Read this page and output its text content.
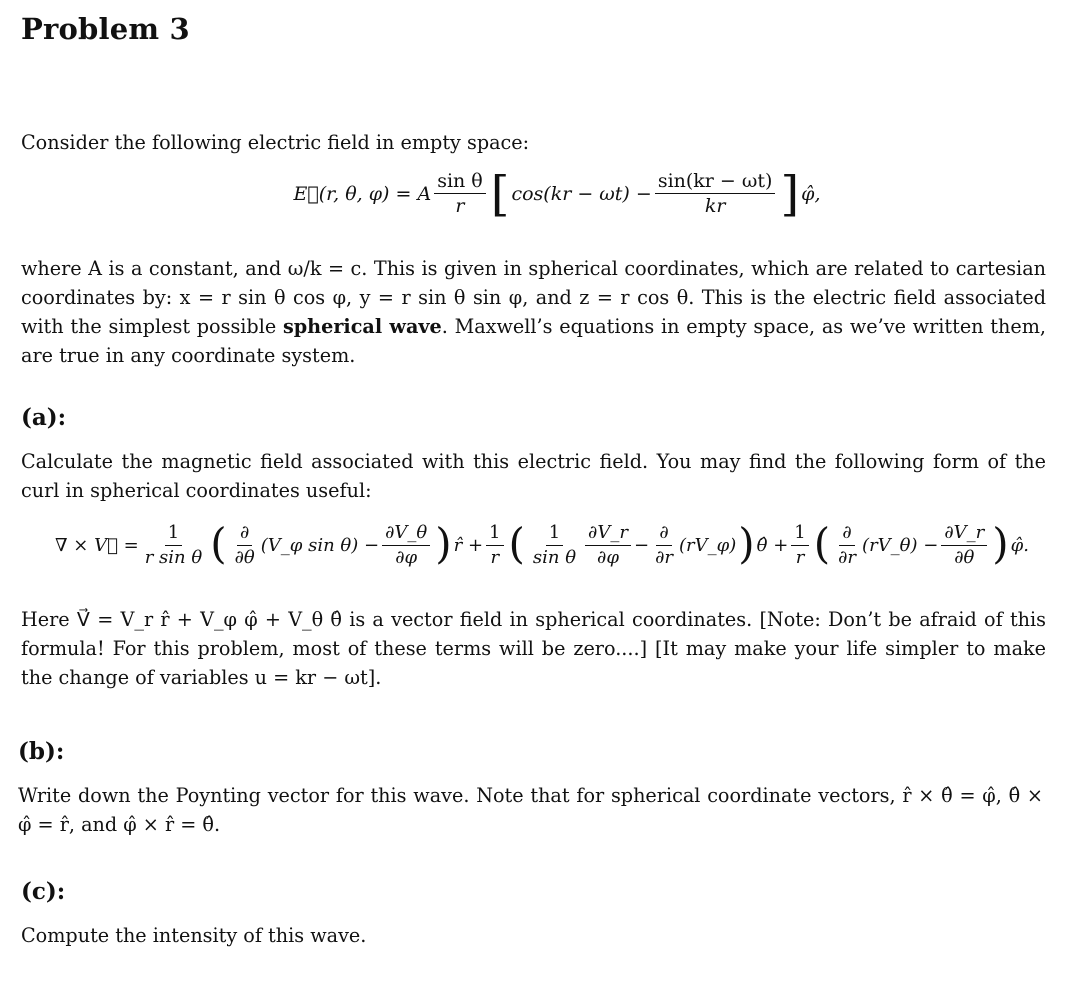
Problem 3
Consider the following electric field in empty space:
E⃗(r, θ, φ) = A $\frac{\text{sin θ}}{r}$ [ $\cos(kr - \omega t) - \frac{\sin(kr - \omega t)}{kr}$ ] φ̂,
where A is a constant, and ω/k = c. This is given in spherical coordinates, which are related to cartesian coordinates by: x = r sin θ cos φ, y = r sin θ sin φ, and z = r cos θ. This is the electric field associated with the simplest possible spherical wave. Maxwell’s equations in empty space, as we’ve written them, are true in any coordinate system.
(a):
Calculate the magnetic field associated with this electric field. You may find the following form of the curl in spherical coordinates useful:
∇ × V⃗ = $\frac{1}{\text{r sin θ}}$ ( $\frac{\partial}{\partial\theta}$ (V_φ $\sin \theta) - \frac{\partial V\_\theta}{\partial\varphi}$ ) r̂ + $\frac{1}{r}$ ( $\frac{1}{\text{sin θ}} \frac{\partial V\_r}{\partial\varphi} - \frac{\partial}{\partial r}$ (rV_φ) ) θ̂ + $\frac{1}{r}$ ( $\frac{\partial}{\partial r}$ (rV_θ) − $\frac{\partial V\_r}{\partial\theta}$ ) φ̂.
Here V⃗ = V_r r̂ + V_φ φ̂ + V_θ θ̂ is a vector field in spherical coordinates. [Note: Don’t be afraid of this formula! For this problem, most of these terms will be zero....] [It may make your life simpler to make the change of variables u = kr − ωt].
(b):
Write down the Poynting vector for this wave. Note that for spherical coordinate vectors, r̂ × θ̂ = φ̂, θ̂ × φ̂ = r̂, and φ̂ × r̂ = θ̂.
(c):
Compute the intensity of this wave.
